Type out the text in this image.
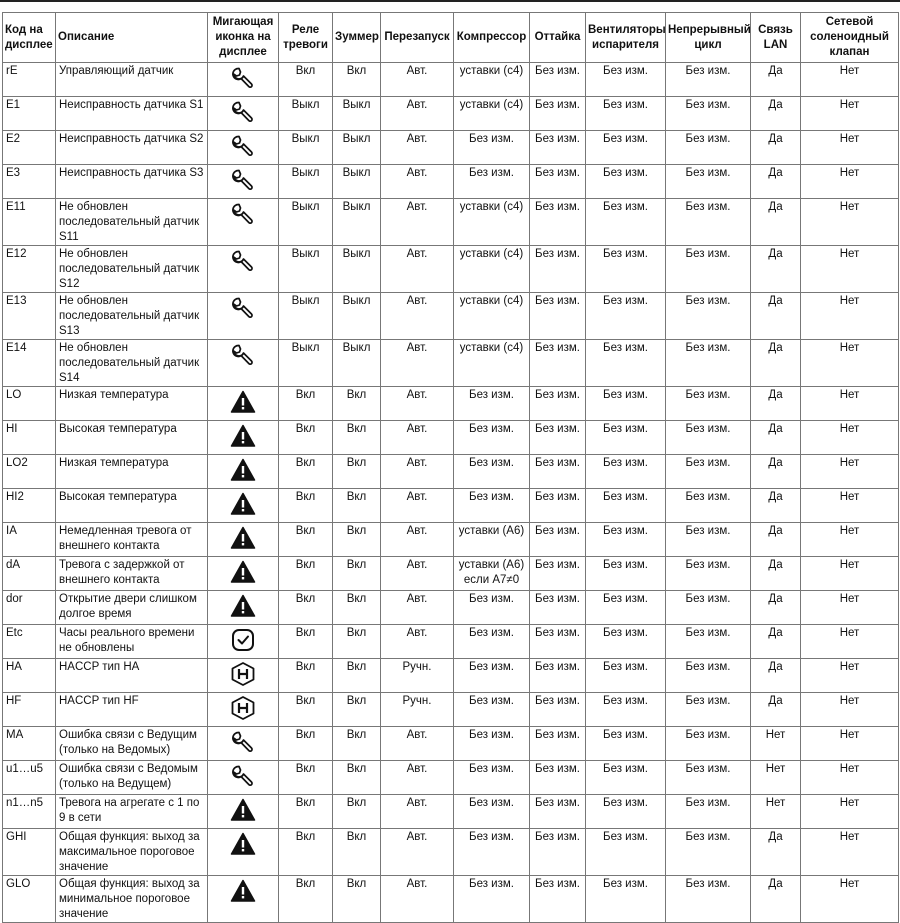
Код на дисплее	Описание	Мигающая иконка на дисплее	Реле тревоги	Зуммер	Перезапуск	Компрессор	Оттайка	Вентиляторы испарителя	Непрерывный цикл	Связь LAN	Сетевой соленоидный клапан
rE	Управляющий датчик		Вкл	Вкл	Авт.	уставки (c4)	Без изм.	Без изм.	Без изм.	Да	Нет
E1	Неисправность датчика S1		Выкл	Выкл	Авт.	уставки (c4)	Без изм.	Без изм.	Без изм.	Да	Нет
E2	Неисправность датчика S2		Выкл	Выкл	Авт.	Без изм.	Без изм.	Без изм.	Без изм.	Да	Нет
E3	Неисправность датчика S3		Выкл	Выкл	Авт.	Без изм.	Без изм.	Без изм.	Без изм.	Да	Нет
E11	Не обновлен последовательный датчик S11		Выкл	Выкл	Авт.	уставки (c4)	Без изм.	Без изм.	Без изм.	Да	Нет
E12	Не обновлен последовательный датчик S12		Выкл	Выкл	Авт.	уставки (c4)	Без изм.	Без изм.	Без изм.	Да	Нет
E13	Не обновлен последовательный датчик S13		Выкл	Выкл	Авт.	уставки (c4)	Без изм.	Без изм.	Без изм.	Да	Нет
E14	Не обновлен последовательный датчик S14		Выкл	Выкл	Авт.	уставки (c4)	Без изм.	Без изм.	Без изм.	Да	Нет
LO	Низкая температура		Вкл	Вкл	Авт.	Без изм.	Без изм.	Без изм.	Без изм.	Да	Нет
HI	Высокая температура		Вкл	Вкл	Авт.	Без изм.	Без изм.	Без изм.	Без изм.	Да	Нет
LO2	Низкая температура		Вкл	Вкл	Авт.	Без изм.	Без изм.	Без изм.	Без изм.	Да	Нет
HI2	Высокая температура		Вкл	Вкл	Авт.	Без изм.	Без изм.	Без изм.	Без изм.	Да	Нет
IA	Немедленная тревога от внешнего контакта		Вкл	Вкл	Авт.	уставки (A6)	Без изм.	Без изм.	Без изм.	Да	Нет
dA	Тревога с задержкой от внешнего контакта		Вкл	Вкл	Авт.	уставки (A6) если A7≠0	Без изм.	Без изм.	Без изм.	Да	Нет
dor	Открытие двери слишком долгое время		Вкл	Вкл	Авт.	Без изм.	Без изм.	Без изм.	Без изм.	Да	Нет
Etc	Часы реального времени не обновлены		Вкл	Вкл	Авт.	Без изм.	Без изм.	Без изм.	Без изм.	Да	Нет
HA	HACCP тип HA		Вкл	Вкл	Ручн.	Без изм.	Без изм.	Без изм.	Без изм.	Да	Нет
HF	HACCP тип HF		Вкл	Вкл	Ручн.	Без изм.	Без изм.	Без изм.	Без изм.	Да	Нет
MA	Ошибка связи с Ведущим (только на Ведомых)		Вкл	Вкл	Авт.	Без изм.	Без изм.	Без изм.	Без изм.	Нет	Нет
u1…u5	Ошибка связи с Ведомым (только на Ведущем)		Вкл	Вкл	Авт.	Без изм.	Без изм.	Без изм.	Без изм.	Нет	Нет
n1…n5	Тревога на агрегате с 1 по 9 в сети		Вкл	Вкл	Авт.	Без изм.	Без изм.	Без изм.	Без изм.	Нет	Нет
GHI	Общая функция: выход за максимальное пороговое значение		Вкл	Вкл	Авт.	Без изм.	Без изм.	Без изм.	Без изм.	Да	Нет
GLO	Общая функция: выход за минимальное пороговое значение		Вкл	Вкл	Авт.	Без изм.	Без изм.	Без изм.	Без изм.	Да	Нет
